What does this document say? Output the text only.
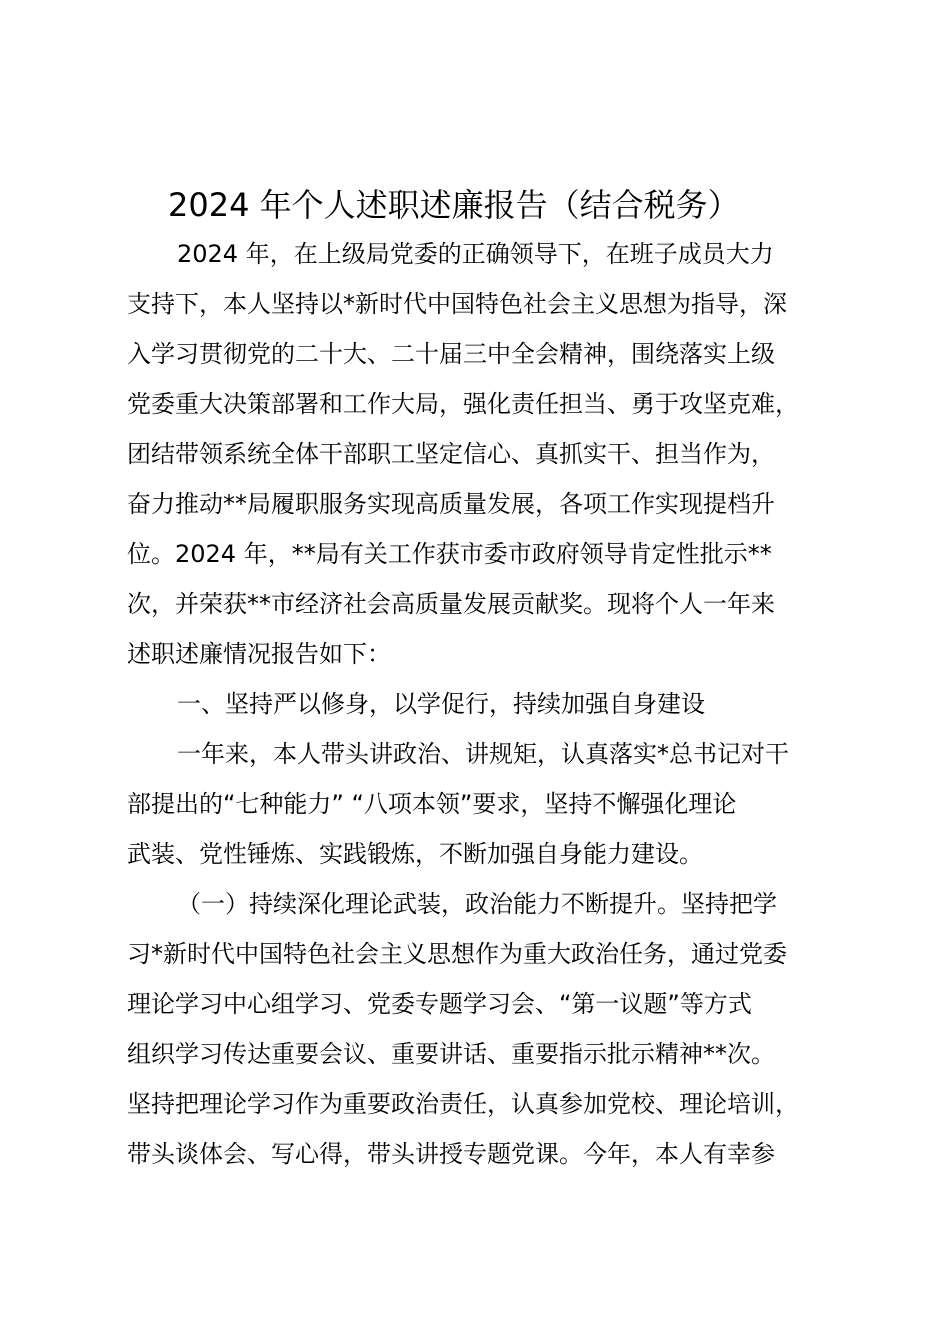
2024 年个人述职述廉报告（结合税务）
2024 年，在上级局党委的正确领导下，在班子成员大力
支持下，本人坚持以*新时代中国特色社会主义思想为指导，深
入学习贯彻党的二十大、二十届三中全会精神，围绕落实上级
党委重大决策部署和工作大局，强化责任担当、勇于攻坚克难，
团结带领系统全体干部职工坚定信心、真抓实干、担当作为，
奋力推动**局履职服务实现高质量发展，各项工作实现提档升
位。2024 年，**局有关工作获市委市政府领导肯定性批示**
次，并荣获**市经济社会高质量发展贡献奖。现将个人一年来
述职述廉情况报告如下：
一、坚持严以修身，以学促行，持续加强自身建设
一年来，本人带头讲政治、讲规矩，认真落实*总书记对干
部提出的“七种能力” “八项本领”要求，坚持不懈强化理论
武装、党性锤炼、实践锻炼，不断加强自身能力建设。
（一）持续深化理论武装，政治能力不断提升。坚持把学
习*新时代中国特色社会主义思想作为重大政治任务，通过党委
理论学习中心组学习、党委专题学习会、“第一议题”等方式
组织学习传达重要会议、重要讲话、重要指示批示精神**次。
坚持把理论学习作为重要政治责任，认真参加党校、理论培训，
带头谈体会、写心得，带头讲授专题党课。今年，本人有幸参
